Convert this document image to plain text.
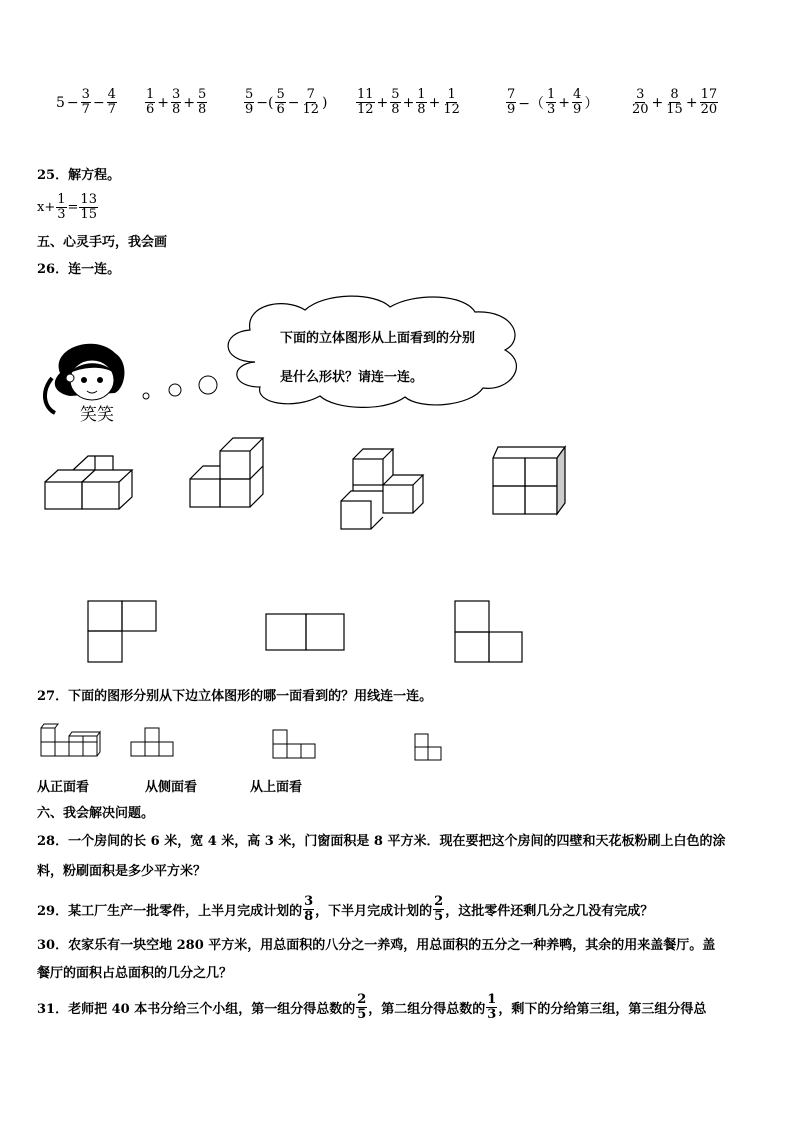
$5 - \frac{3}{7} - \frac{4}{7} \frac{1}{6} + \frac{3}{8} + \frac{5}{8}$	$\frac{5}{9}$ −( $\frac{5}{6} - \frac{7}{12}$ ) $\frac{11}{12} + \frac{5}{8} + \frac{1}{8} + \frac{1}{12}$	$\frac{7}{9}$ −（ $\frac{1}{3} + \frac{4}{9}$ ）	$\frac{3}{20} + \frac{8}{15} + \frac{17}{20}$
25．解方程。
$x+ \frac{1}{3} = \frac{13}{15}$
五、心灵手巧，我会画
26．连一连。
下面的立体图形从上面看到的分别
是什么形状？请连一连。
笑笑
27．下面的图形分别从下边立体图形的哪一面看到的？用线连一连。
从正面看	从侧面看	从上面看
六、我会解决问题。
28．一个房间的长 6 米，宽 4 米，高 3 米，门窗面积是 8 平方米．现在要把这个房间的四壁和天花板粉刷上白色的涂
料，粉刷面积是多少平方米？
29．某工厂生产一批零件，上半月完成计划的 $\frac{3}{8}$ ，下半月完成计划的 $\frac{2}{5}$ ，这批零件还剩几分之几没有完成？
30．农家乐有一块空地 280 平方米，用总面积的八分之一养鸡，用总面积的五分之一种养鸭，其余的用来盖餐厅。盖
餐厅的面积占总面积的几分之几？
31．老师把 40 本书分给三个小组，第一组分得总数的 $\frac{2}{5}$ ，第二组分得总数的 $\frac{1}{3}$ ，剩下的分给第三组，第三组分得总
